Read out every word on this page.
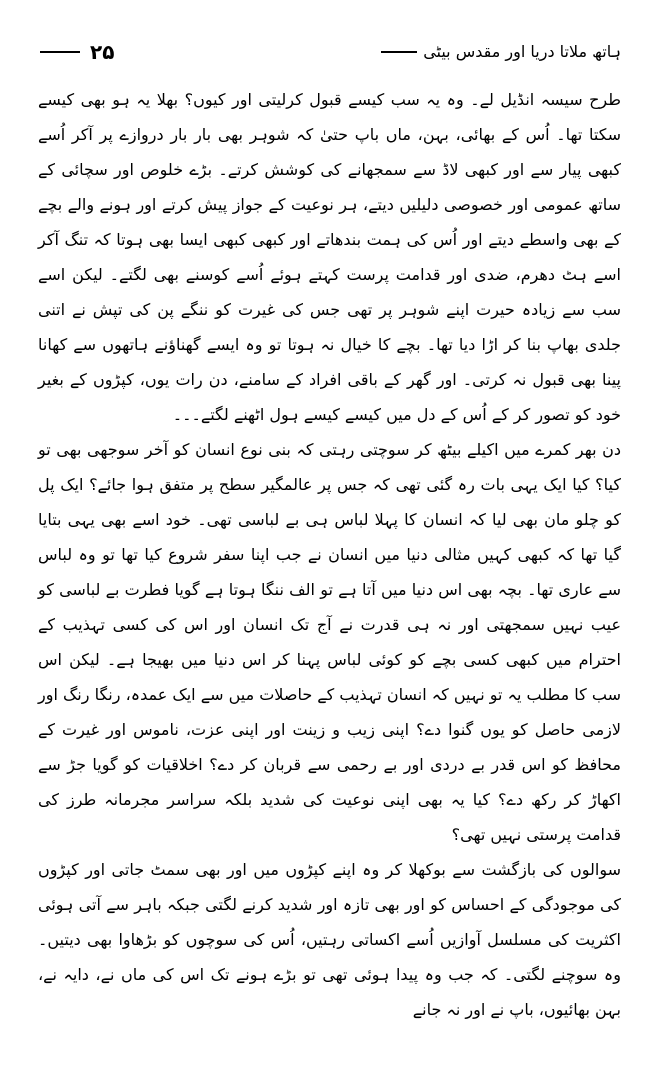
۲۵	ہاتھ ملاتا دریا اور مقدس بیٹی

طرح سیسہ انڈیل لے۔ وہ یہ سب کیسے قبول کرلیتی اور کیوں؟ بھلا یہ ہو بھی کیسے سکتا تھا۔ اُس کے بھائی، بہن، ماں باپ حتیٰ کہ شوہر بھی بار بار دروازے پر آکر اُسے کبھی پیار سے اور کبھی لاڈ سے سمجھانے کی کوشش کرتے۔ بڑے خلوص اور سچائی کے ساتھ عمومی اور خصوصی دلیلیں دیتے، ہر نوعیت کے جواز پیش کرتے اور ہونے والے بچے کے بھی واسطے دیتے اور اُس کی ہمت بندھاتے اور کبھی کبھی ایسا بھی ہوتا کہ تنگ آکر اسے ہٹ دھرم، ضدی اور قدامت پرست کہتے ہوئے اُسے کوسنے بھی لگتے۔ لیکن اسے سب سے زیادہ حیرت اپنے شوہر پر تھی جس کی غیرت کو ننگے پن کی تپش نے اتنی جلدی بھاپ بنا کر اڑا دیا تھا۔ بچے کا خیال نہ ہوتا تو وہ ایسے گھناؤنے ہاتھوں سے کھانا پینا بھی قبول نہ کرتی۔ اور گھر کے باقی افراد کے سامنے، دن رات یوں، کپڑوں کے بغیر خود کو تصور کر کے اُس کے دل میں کیسے کیسے ہول اٹھنے لگتے۔۔۔

دن بھر کمرے میں اکیلے بیٹھ کر سوچتی رہتی کہ بنی نوع انسان کو آخر سوجھی بھی تو کیا؟ کیا ایک یہی بات رہ گئی تھی کہ جس پر عالمگیر سطح پر متفق ہوا جائے؟ ایک پل کو چلو مان بھی لیا کہ انسان کا پہلا لباس ہی بے لباسی تھی۔ خود اسے بھی یہی بتایا گیا تھا کہ کبھی کہیں مثالی دنیا میں انسان نے جب اپنا سفر شروع کیا تھا تو وہ لباس سے عاری تھا۔ بچہ بھی اس دنیا میں آتا ہے تو الف ننگا ہوتا ہے گویا فطرت بے لباسی کو عیب نہیں سمجھتی اور نہ ہی قدرت نے آج تک انسان اور اس کی کسی تہذیب کے احترام میں کبھی کسی بچے کو کوئی لباس پہنا کر اس دنیا میں بھیجا ہے۔ لیکن اس سب کا مطلب یہ تو نہیں کہ انسان تہذیب کے حاصلات میں سے ایک عمدہ، رنگا رنگ اور لازمی حاصل کو یوں گنوا دے؟ اپنی زیب و زینت اور اپنی عزت، ناموس اور غیرت کے محافظ کو اس قدر بے دردی اور بے رحمی سے قربان کر دے؟ اخلاقیات کو گویا جڑ سے اکھاڑ کر رکھ دے؟ کیا یہ بھی اپنی نوعیت کی شدید بلکہ سراسر مجرمانہ طرز کی قدامت پرستی نہیں تھی؟

سوالوں کی بازگشت سے بوکھلا کر وہ اپنے کپڑوں میں اور بھی سمٹ جاتی اور کپڑوں کی موجودگی کے احساس کو اور بھی تازہ اور شدید کرنے لگتی جبکہ باہر سے آتی ہوئی اکثریت کی مسلسل آوازیں اُسے اکساتی رہتیں، اُس کی سوچوں کو بڑھاوا بھی دیتیں۔ وہ سوچنے لگتی۔ کہ جب وہ پیدا ہوئی تھی تو بڑے ہونے تک اس کی ماں نے، دایہ نے، بہن بھائیوں، باپ نے اور نہ جانے
